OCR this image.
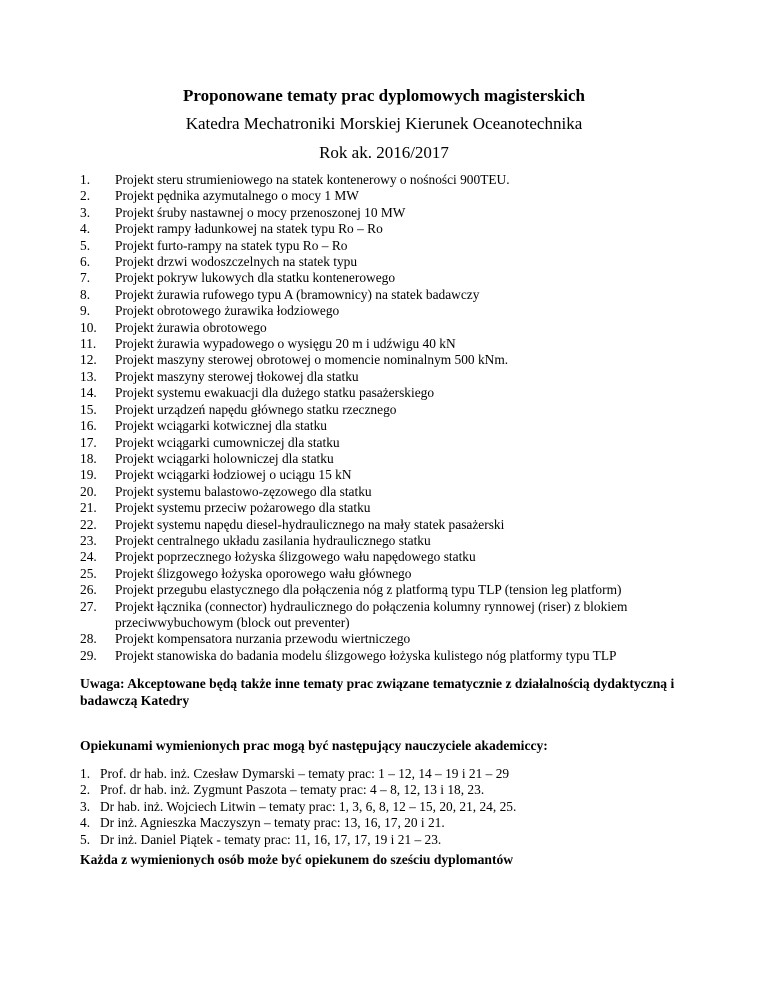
Proponowane tematy prac dyplomowych magisterskich

Katedra Mechatroniki Morskiej Kierunek Oceanotechnika

Rok ak. 2016/2017

1.	Projekt steru strumieniowego na statek kontenerowy o nośności 900TEU.
2.	Projekt pędnika azymutalnego o mocy 1 MW
3.	Projekt śruby nastawnej o mocy przenoszonej 10 MW
4.	Projekt rampy ładunkowej na statek typu Ro – Ro
5.	Projekt furto-rampy na statek typu Ro – Ro
6.	Projekt drzwi wodoszczelnych na statek typu
7.	Projekt pokryw lukowych dla statku kontenerowego
8.	Projekt żurawia rufowego typu A (bramownicy) na statek badawczy
9.	Projekt obrotowego żurawika łodziowego
10.	Projekt żurawia obrotowego
11.	Projekt żurawia wypadowego o wysięgu 20 m i udźwigu 40 kN
12.	Projekt maszyny sterowej obrotowej o momencie nominalnym 500 kNm.
13.	Projekt maszyny sterowej tłokowej dla statku
14.	Projekt systemu ewakuacji dla dużego statku pasażerskiego
15.	Projekt urządzeń napędu głównego statku rzecznego
16.	Projekt wciągarki kotwicznej dla statku
17.	Projekt wciągarki cumowniczej dla statku
18.	Projekt wciągarki holowniczej dla statku
19.	Projekt wciągarki łodziowej o uciągu 15 kN
20.	Projekt systemu balastowo-zęzowego dla statku
21.	Projekt systemu przeciw pożarowego dla statku
22.	Projekt systemu napędu diesel-hydraulicznego na mały statek pasażerski
23.	Projekt centralnego układu zasilania hydraulicznego statku
24.	Projekt poprzecznego łożyska ślizgowego wału napędowego statku
25.	Projekt ślizgowego łożyska oporowego wału głównego
26.	Projekt przegubu elastycznego dla połączenia nóg z platformą typu TLP (tension leg platform)
27.	Projekt łącznika (connector) hydraulicznego do połączenia kolumny rynnowej (riser) z blokiem przeciwwybuchowym (block out preventer)
28.	Projekt kompensatora nurzania przewodu wiertniczego
29.	Projekt stanowiska do badania modelu ślizgowego łożyska kulistego nóg platformy typu TLP

Uwaga: Akceptowane będą także inne tematy prac związane tematycznie z działalnością dydaktyczną i badawczą Katedry

Opiekunami wymienionych prac mogą być następujący nauczyciele akademiccy:

1. Prof. dr hab. inż. Czesław Dymarski – tematy prac: 1 – 12, 14 – 19 i 21 – 29
2. Prof. dr hab. inż. Zygmunt Paszota – tematy prac: 4 – 8, 12, 13 i 18, 23.
3. Dr hab. inż. Wojciech Litwin – tematy prac: 1, 3, 6, 8, 12 – 15, 20, 21, 24, 25.
4. Dr inż. Agnieszka Maczyszyn – tematy prac: 13, 16, 17, 20 i 21.
5. Dr inż. Daniel Piątek - tematy prac: 11, 16, 17, 17, 19 i 21 – 23.

Każda z wymienionych osób może być opiekunem do sześciu dyplomantów
